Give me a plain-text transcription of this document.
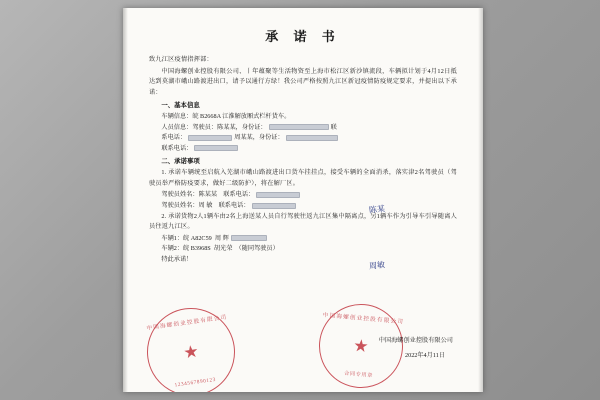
承 诺 书

致九江区疫情指挥部：

中国海螺创业控股有限公司、丨年蕴聚等生活物资至上海市松江区新沙镇流段，车辆拟计划于4月12日抵达到莫湖市峨山路渡进出口，请予以通行方绿！我公司严格按照九江区新冠疫情防疫规定要求，并提出以下承诺：

一、基本信息

车辆信息：皖 B2668A 江淮解放厢式栏杆货车。

人员信息：驾驶员：陈某某，身份证：	联

系电话：	周某某，身份证：

联系电话：

二、承诺事项

1. 承诺车辆统至启航入芜湖市峨山路渡进出口货车挂挂点，接受车辆的全面消杀，落实津2名驾驶员（驾驶员举严格防疫要求，做好二级防护），将在解厂区。

驾驶员姓名：陈某某 联系电话：

驾驶员姓名：周 敏 联系电话：

2. 承诺货物2人1辆车由2名上海送某人员自行驾驶往返九江区集中隔离点，另1辆车作为引导车引导随离人员往返九江区。

车辆1：皖 A82C59 周 辉

车辆2：皖 B3968S 胡光荣 （随同驾驶员）

特此承诺！

中国海螺创业控股有限公司
★
1234567890123
中国海螺创业控股有限公司
★
合同专用章
陈某
周敏
中国海螺创业控股有限公司
2022年4月11日
